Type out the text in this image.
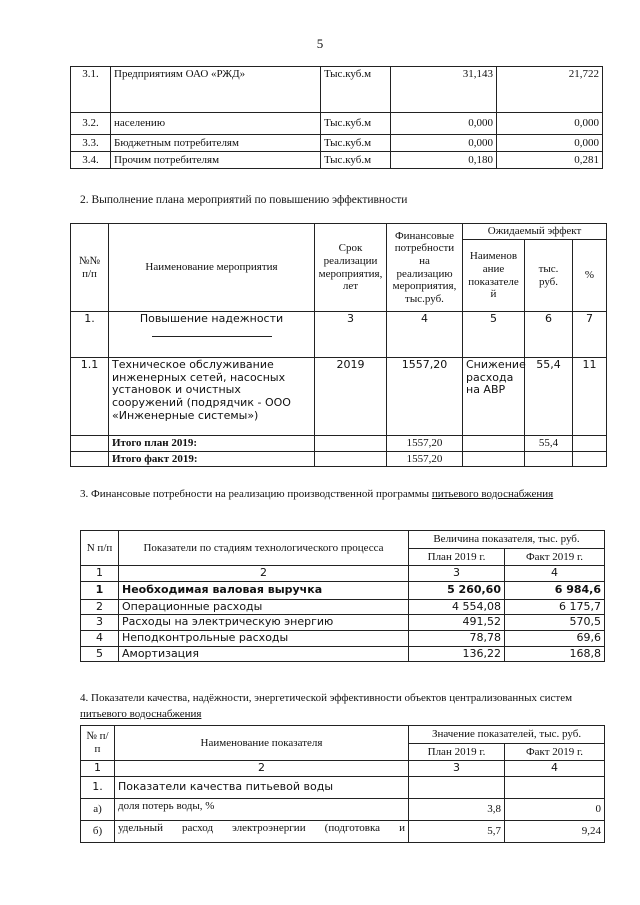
5
3.1.	Предприятиям ОАО «РЖД»	Тыс.куб.м	31,143	21,722
3.2.	населению	Тыс.куб.м	0,000	0,000
3.3.	Бюджетным потребителям	Тыс.куб.м	0,000	0,000
3.4.	Прочим потребителям	Тыс.куб.м	0,180	0,281
2. Выполнение плана мероприятий по повышению эффективности
№№ п/п	Наименование мероприятия	Срок реализации мероприятия, лет	Финансовые потребности на реализацию мероприятия, тыс.руб.	Ожидаемый эффект		
				Наименов ание показателе й	тыс. руб.	%
1.	Повышение надежности	3	4	5	6	7
1.1	Техническое обслуживание инженерных сетей, насосных установок и очистных сооружений (подрядчик - ООО «Инженерные системы»)	2019	1557,20	Снижение расхода на АВР	55,4	11
	Итого план 2019:		1557,20		55,4	
	Итого факт 2019:		1557,20			
3. Финансовые потребности на реализацию производственной программы питьевого водоснабжения
N п/п	Показатели по стадиям технологического процесса	Величина показателя, тыс. руб.	
		План 2019 г.	Факт 2019 г.
1	2	3	4
1	Необходимая валовая выручка	5 260,60	6 984,6
2	Операционные расходы	4 554,08	6 175,7
3	Расходы на электрическую энергию	491,52	570,5
4	Неподконтрольные расходы	78,78	69,6
5	Амортизация	136,22	168,8
4. Показатели качества, надёжности, энергетической эффективности объектов централизованных систем
питьевого водоснабжения
№ п/п	Наименование показателя	Значение показателей, тыс. руб.	
		План 2019 г.	Факт 2019 г.
1	2	3	4
1.	Показатели качества питьевой воды		
а)	доля потерь воды, %	3,8	0
б)	удельный расход электроэнергии (подготовка и	5,7	9,24
